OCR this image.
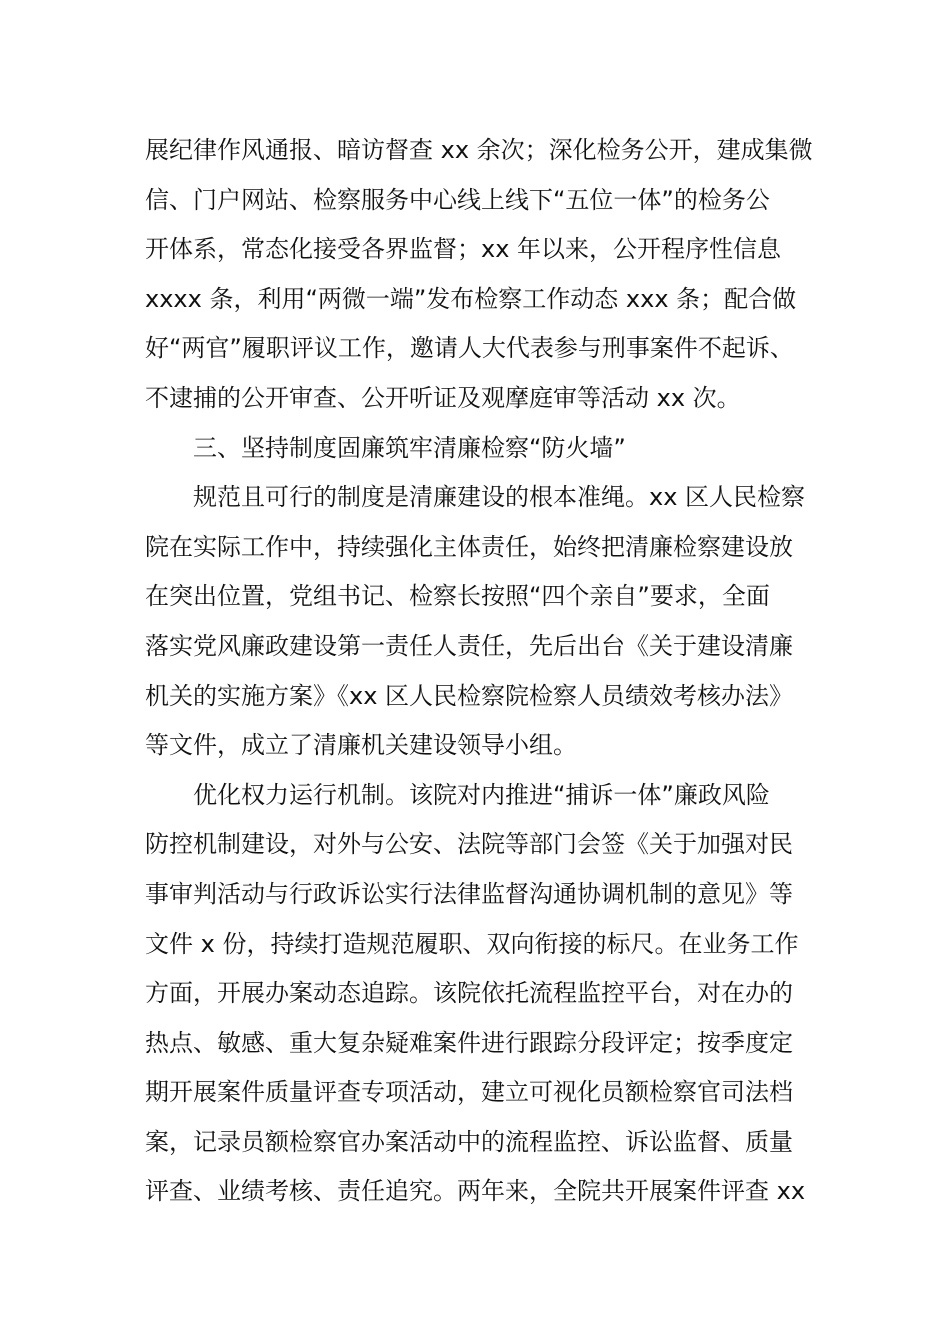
展纪律作风通报、暗访督查 xx 余次；深化检务公开，建成集微
信、门户网站、检察服务中心线上线下“五位一体”的检务公
开体系，常态化接受各界监督；xx 年以来，公开程序性信息
xxxx 条，利用“两微一端”发布检察工作动态 xxx 条；配合做
好“两官”履职评议工作，邀请人大代表参与刑事案件不起诉、
不逮捕的公开审查、公开听证及观摩庭审等活动 xx 次。
三、坚持制度固廉筑牢清廉检察“防火墙”
规范且可行的制度是清廉建设的根本准绳。xx 区人民检察
院在实际工作中，持续强化主体责任，始终把清廉检察建设放
在突出位置，党组书记、检察长按照“四个亲自”要求，全面
落实党风廉政建设第一责任人责任，先后出台《关于建设清廉
机关的实施方案》《xx 区人民检察院检察人员绩效考核办法》
等文件，成立了清廉机关建设领导小组。
优化权力运行机制。该院对内推进“捕诉一体”廉政风险
防控机制建设，对外与公安、法院等部门会签《关于加强对民
事审判活动与行政诉讼实行法律监督沟通协调机制的意见》等
文件 x 份，持续打造规范履职、双向衔接的标尺。在业务工作
方面，开展办案动态追踪。该院依托流程监控平台，对在办的
热点、敏感、重大复杂疑难案件进行跟踪分段评定；按季度定
期开展案件质量评查专项活动，建立可视化员额检察官司法档
案，记录员额检察官办案活动中的流程监控、诉讼监督、质量
评查、业绩考核、责任追究。两年来，全院共开展案件评查 xx
